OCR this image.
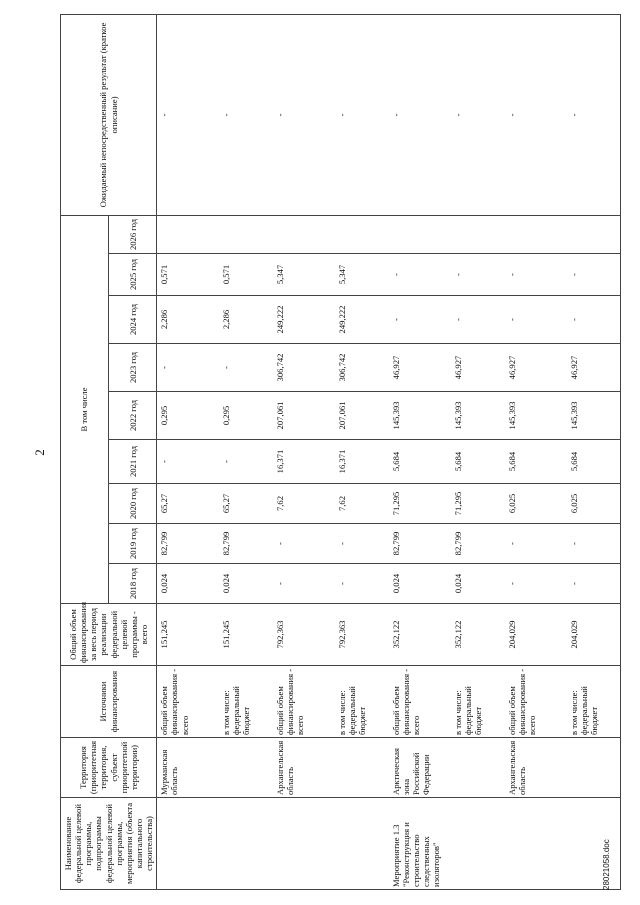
2
Наименование федеральной целевой программы, подпрограммы федеральной целевой программы, мероприятия (объекта капитального строительства)	Территория (приоритетная территория, субъект приоритетной территории)	Источники финансирования	Общий объем финансирования за весь период реализации федеральной целевой программы - всего	В том числе									Ожидаемый непосредственный результат (краткое описание)
				2018 год	2019 год	2020 год	2021 год	2022 год	2023 год	2024 год	2025 год	2026 год	
	Мурманская область	общий объем финансирования - всего	151,245	0,024	82,799	65,27	-	0,295	-	2,286	0,571		-
		в том числе: федеральный бюджет	151,245	0,024	82,799	65,27	-	0,295	-	2,286	0,571		-
	Архангельская область	общий объем финансирования - всего	792,363	-	-	7,62	16,371	207,061	306,742	249,222	5,347		-
		в том числе: федеральный бюджет	792,363	-	-	7,62	16,371	207,061	306,742	249,222	5,347		-
Мероприятие 1.3 "Реконструкция и строительство следственных изоляторов"	Арктическая зона Российской Федерации	общий объем финансирования - всего	352,122	0,024	82,799	71,295	5,684	145,393	46,927	-	-		-
		в том числе: федеральный бюджет	352,122	0,024	82,799	71,295	5,684	145,393	46,927	-	-		-
	Архангельская область	общий объем финансирования - всего	204,029	-	-	6,025	5,684	145,393	46,927	-	-		-
		в том числе: федеральный бюджет	204,029	-	-	6,025	5,684	145,393	46,927	-	-		-
28021058.doc
